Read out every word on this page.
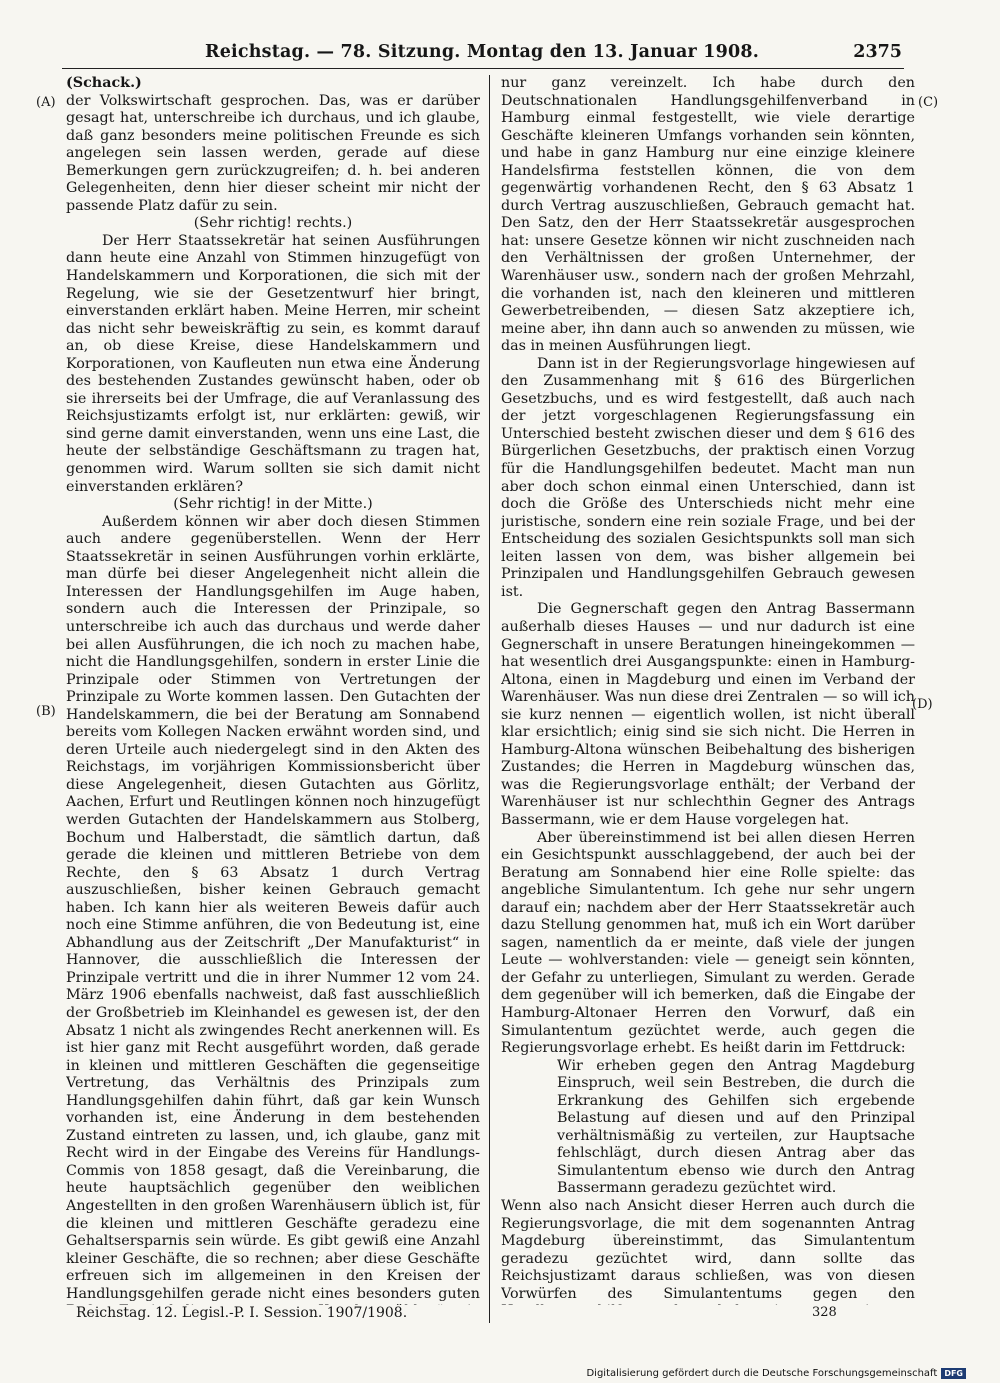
Reichstag. — 78. Sitzung. Montag den 13. Januar 1908.	2375

(Schack.)

der Volkswirtschaft gesprochen. Das, was er darüber gesagt hat, unterschreibe ich durchaus, und ich glaube, daß ganz besonders meine politischen Freunde es sich angelegen sein lassen werden, gerade auf diese Bemerkungen gern zurückzugreifen; d. h. bei anderen Gelegenheiten, denn hier dieser scheint mir nicht der passende Platz dafür zu sein.

(Sehr richtig! rechts.)

Der Herr Staatssekretär hat seinen Ausführungen dann heute eine Anzahl von Stimmen hinzugefügt von Handelskammern und Korporationen, die sich mit der Regelung, wie sie der Gesetzentwurf hier bringt, einverstanden erklärt haben. Meine Herren, mir scheint das nicht sehr beweiskräftig zu sein, es kommt darauf an, ob diese Kreise, diese Handelskammern und Korporationen, von Kaufleuten nun etwa eine Änderung des bestehenden Zustandes gewünscht haben, oder ob sie ihrerseits bei der Umfrage, die auf Veranlassung des Reichsjustizamts erfolgt ist, nur erklärten: gewiß, wir sind gerne damit einverstanden, wenn uns eine Last, die heute der selbständige Geschäftsmann zu tragen hat, genommen wird. Warum sollten sie sich damit nicht einverstanden erklären?

(Sehr richtig! in der Mitte.)

Außerdem können wir aber doch diesen Stimmen auch andere gegenüberstellen. Wenn der Herr Staatssekretär in seinen Ausführungen vorhin erklärte, man dürfe bei dieser Angelegenheit nicht allein die Interessen der Handlungsgehilfen im Auge haben, sondern auch die Interessen der Prinzipale, so unterschreibe ich auch das durchaus und werde daher bei allen Ausführungen, die ich noch zu machen habe, nicht die Handlungsgehilfen, sondern in erster Linie die Prinzipale oder Stimmen von Vertretungen der Prinzipale zu Worte kommen lassen. Den Gutachten der Handelskammern, die bei der Beratung am Sonnabend bereits vom Kollegen Nacken erwähnt worden sind, und deren Urteile auch niedergelegt sind in den Akten des Reichstags, im vorjährigen Kommissionsbericht über diese Angelegenheit, diesen Gutachten aus Görlitz, Aachen, Erfurt und Reutlingen können noch hinzugefügt werden Gutachten der Handelskammern aus Stolberg, Bochum und Halberstadt, die sämtlich dartun, daß gerade die kleinen und mittleren Betriebe von dem Rechte, den § 63 Absatz 1 durch Vertrag auszuschließen, bisher keinen Gebrauch gemacht haben. Ich kann hier als weiteren Beweis dafür auch noch eine Stimme anführen, die von Bedeutung ist, eine Abhandlung aus der Zeitschrift „Der Manufakturist“ in Hannover, die ausschließlich die Interessen der Prinzipale vertritt und die in ihrer Nummer 12 vom 24. März 1906 ebenfalls nachweist, daß fast ausschließlich der Großbetrieb im Kleinhandel es gewesen ist, der den Absatz 1 nicht als zwingendes Recht anerkennen will. Es ist hier ganz mit Recht ausgeführt worden, daß gerade in kleinen und mittleren Geschäften die gegenseitige Vertretung, das Verhältnis des Prinzipals zum Handlungsgehilfen dahin führt, daß gar kein Wunsch vorhanden ist, eine Änderung in dem bestehenden Zustand eintreten zu lassen, und, ich glaube, ganz mit Recht wird in der Eingabe des Vereins für Handlungs-Commis von 1858 gesagt, daß die Vereinbarung, die heute hauptsächlich gegenüber den weiblichen Angestellten in den großen Warenhäusern üblich ist, für die kleinen und mittleren Geschäfte geradezu eine Gehaltsersparnis sein würde. Es gibt gewiß eine Anzahl kleiner Geschäfte, die so rechnen; aber diese Geschäfte erfreuen sich im allgemeinen in den Kreisen der Handlungsgehilfen gerade nicht eines besonders guten

nur ganz vereinzelt. Ich habe durch den Deutschnationalen Handlungsgehilfenverband in Hamburg einmal festgestellt, wie viele derartige Geschäfte kleineren Umfangs vorhanden sein könnten, und habe in ganz Hamburg nur eine einzige kleinere Handelsfirma feststellen können, die von dem gegenwärtig vorhandenen Recht, den § 63 Absatz 1 durch Vertrag auszuschließen, Gebrauch gemacht hat. Den Satz, den der Herr Staatssekretär ausgesprochen hat: unsere Gesetze können wir nicht zuschneiden nach den Verhältnissen der großen Unternehmer, der Warenhäuser usw., sondern nach der großen Mehrzahl, die vorhanden ist, nach den kleineren und mittleren Gewerbetreibenden, — diesen Satz akzeptiere ich, meine aber, ihn dann auch so anwenden zu müssen, wie das in meinen Ausführungen liegt.

Dann ist in der Regierungsvorlage hingewiesen auf den Zusammenhang mit § 616 des Bürgerlichen Gesetzbuchs, und es wird festgestellt, daß auch nach der jetzt vorgeschlagenen Regierungsfassung ein Unterschied besteht zwischen dieser und dem § 616 des Bürgerlichen Gesetzbuchs, der praktisch einen Vorzug für die Handlungsgehilfen bedeutet. Macht man nun aber doch schon einmal einen Unterschied, dann ist doch die Größe des Unterschieds nicht mehr eine juristische, sondern eine rein soziale Frage, und bei der Entscheidung des sozialen Gesichtspunkts soll man sich leiten lassen von dem, was bisher allgemein bei Prinzipalen und Handlungsgehilfen Gebrauch gewesen ist.

Die Gegnerschaft gegen den Antrag Bassermann außerhalb dieses Hauses — und nur dadurch ist eine Gegnerschaft in unsere Beratungen hineingekommen — hat wesentlich drei Ausgangspunkte: einen in Hamburg-Altona, einen in Magdeburg und einen im Verband der Warenhäuser. Was nun diese drei Zentralen — so will ich sie kurz nennen — eigentlich wollen, ist nicht überall klar ersichtlich; einig sind sie sich nicht. Die Herren in Hamburg-Altona wünschen Beibehaltung des bisherigen Zustandes; die Herren in Magdeburg wünschen das, was die Regierungsvorlage enthält; der Verband der Warenhäuser ist nur schlechthin Gegner des Antrags Bassermann, wie er dem Hause vorgelegen hat.

Aber übereinstimmend ist bei allen diesen Herren ein Gesichtspunkt ausschlaggebend, der auch bei der Beratung am Sonnabend hier eine Rolle spielte: das angebliche Simulantentum. Ich gehe nur sehr ungern darauf ein; nachdem aber der Herr Staatssekretär auch dazu Stellung genommen hat, muß ich ein Wort darüber sagen, namentlich da er meinte, daß viele der jungen Leute — wohlverstanden: viele — geneigt sein könnten, der Gefahr zu unterliegen, Simulant zu werden. Gerade dem gegenüber will ich bemerken, daß die Eingabe der Hamburg-Altonaer Herren den Vorwurf, daß ein Simulantentum gezüchtet werde, auch gegen die Regierungsvorlage erhebt. Es heißt darin im Fettdruck:

Wir erheben gegen den Antrag Magdeburg Einspruch, weil sein Bestreben, die durch die Erkrankung des Gehilfen sich ergebende Belastung auf diesen und auf den Prinzipal verhältnismäßig zu verteilen, zur Hauptsache fehlschlägt, durch diesen Antrag aber das Simulantentum ebenso wie durch den Antrag Bassermann geradezu gezüchtet wird.

Wenn also nach Ansicht dieser Herren auch durch die Regierungsvorlage, die mit dem sogenannten Antrag Magdeburg übereinstimmt, das Simulantentum geradezu gezüchtet wird, dann sollte das Reichsjustizamt daraus schließen, was von diesen Vorwürfen des Simulantentums gegen den

(A)
(B)
(C)
(D)
Reichstag. 12. Legisl.-P. I. Session. 1907/1908.	328
Digitalisierung gefördert durch die Deutsche Forschungsgemeinschaft DFG
